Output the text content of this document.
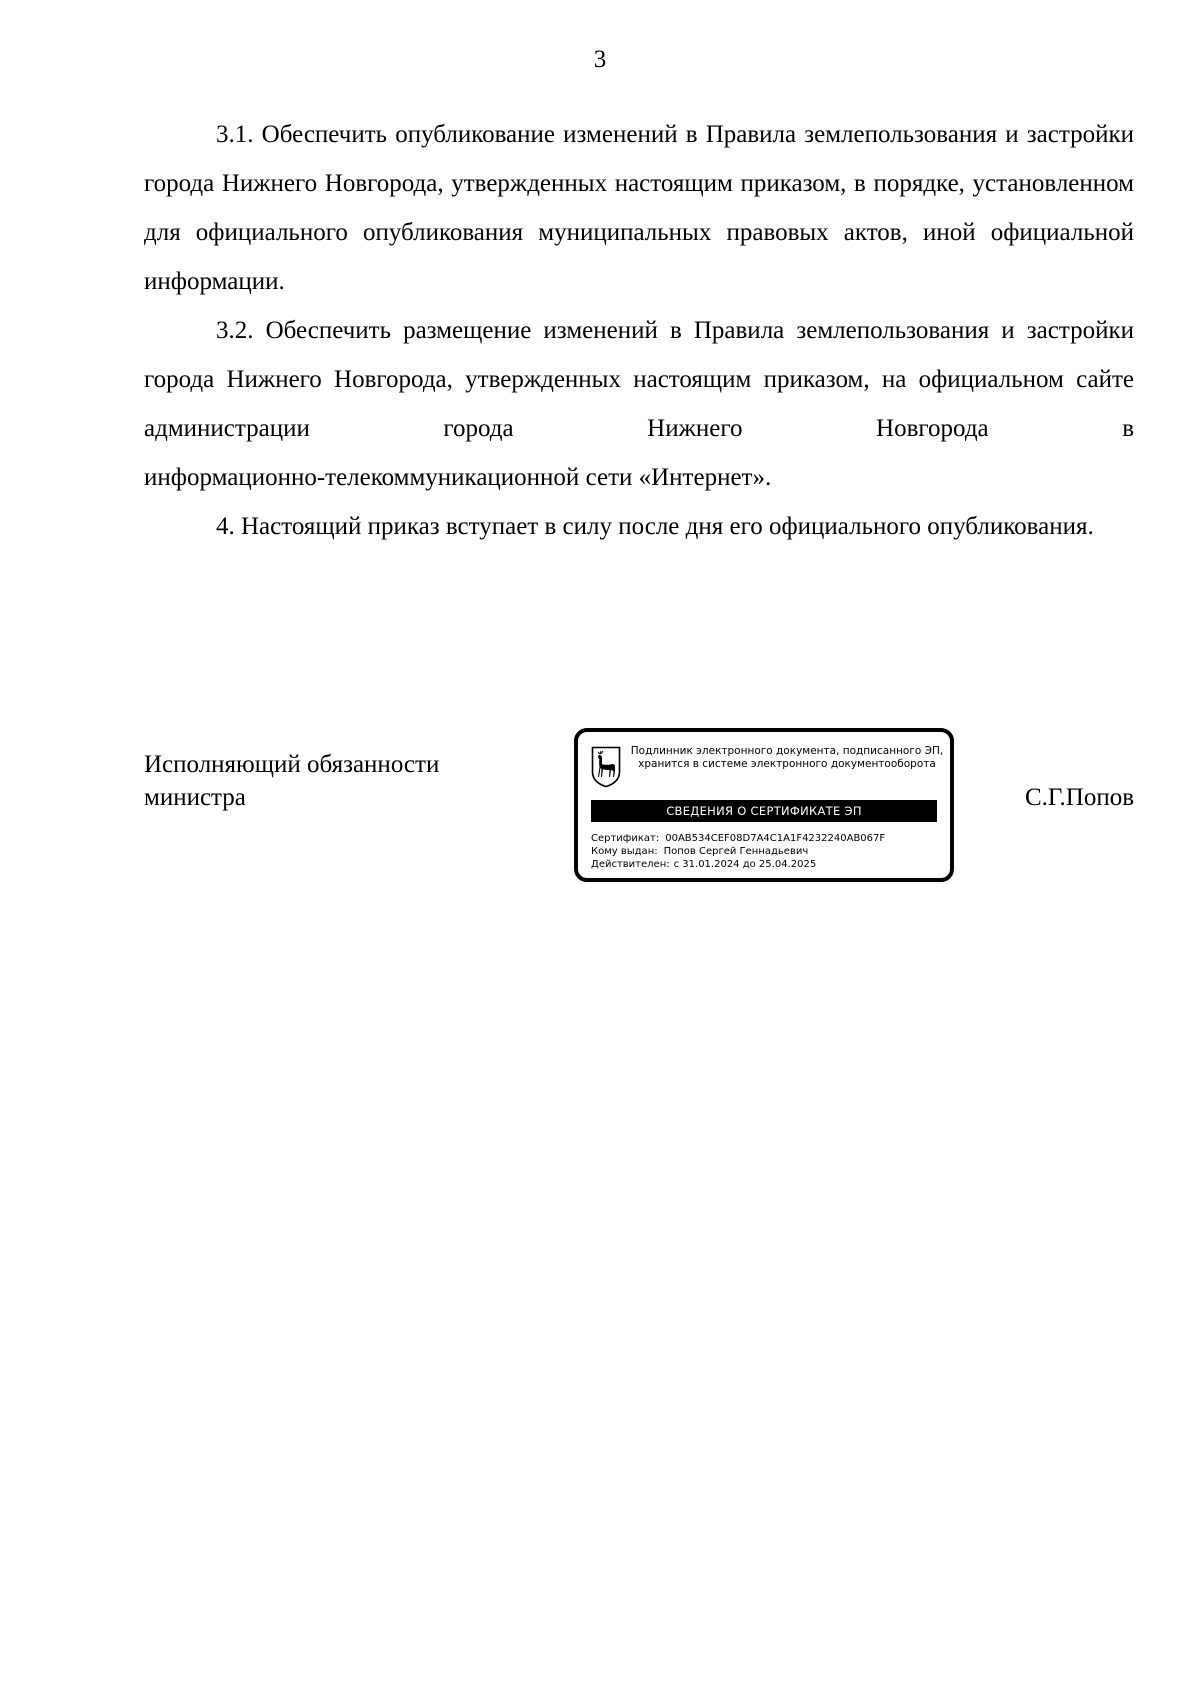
3

3.1. Обеспечить опубликование изменений в Правила землепользования и застройки города Нижнего Новгорода, утвержденных настоящим приказом, в порядке, установленном для официального опубликования муниципальных правовых актов, иной официальной информации.

3.2. Обеспечить размещение изменений в Правила землепользования и застройки города Нижнего Новгорода, утвержденных настоящим приказом, на официальном сайте администрации города Нижнего Новгорода в

информационно-телекоммуникационной сети «Интернет».

4. Настоящий приказ вступает в силу после дня его официального опубликования.

Исполняющий обязанности
министра
Подлинник электронного документа, подписанного ЭП,
хранится в системе электронного документооборота
СВЕДЕНИЯ О СЕРТИФИКАТЕ ЭП
Сертификат: 00AB534CEF08D7A4C1A1F4232240AB067F
Кому выдан: Попов Сергей Геннадьевич
Действителен: с 31.01.2024 до 25.04.2025
С.Г.Попов
